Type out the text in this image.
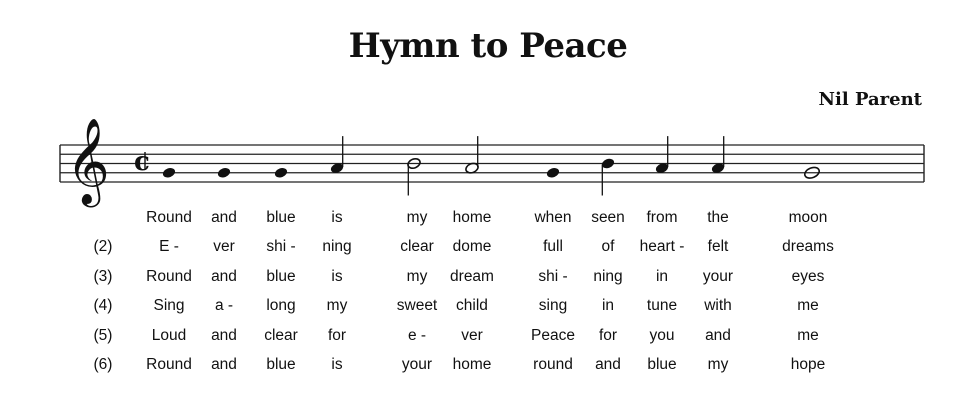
Hymn to Peace
Nil Parent
𝄞 c
Round and blue is	my home	when seen from the	moon
(2)	E - ver shi - ning	clear dome	full of heart - felt	dreams
(3) Round and blue is	my dream	shi - ning in your	eyes
(4)	Sing a - long my	sweet child	sing in tune with	me
(5)	Loud and clear for	e - ver	Peace for you and	me
(6) Round and blue is	your home	round and blue my	hope
